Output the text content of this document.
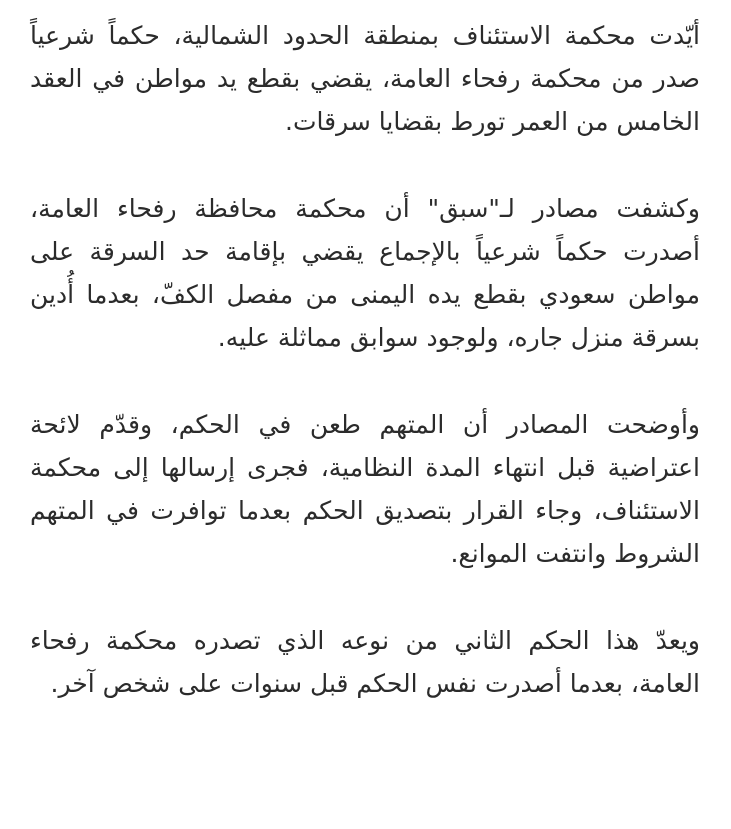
أيّدت محكمة الاستئناف بمنطقة الحدود الشمالية، حكماً شرعياً صدر من محكمة رفحاء العامة، يقضي بقطع يد مواطن في العقد الخامس من العمر تورط بقضايا سرقات.

وكشفت مصادر لـ"سبق" أن محكمة محافظة رفحاء العامة، أصدرت حكماً شرعياً بالإجماع يقضي بإقامة حد السرقة على مواطن سعودي بقطع يده اليمنى من مفصل الكفّ، بعدما أُدين بسرقة منزل جاره، ولوجود سوابق مماثلة عليه.

وأوضحت المصادر أن المتهم طعن في الحكم، وقدّم لائحة اعتراضية قبل انتهاء المدة النظامية، فجرى إرسالها إلى محكمة الاستئناف، وجاء القرار بتصديق الحكم بعدما توافرت في المتهم الشروط وانتفت الموانع.

ويعدّ هذا الحكم الثاني من نوعه الذي تصدره محكمة رفحاء العامة، بعدما أصدرت نفس الحكم قبل سنوات على شخص آخر.
